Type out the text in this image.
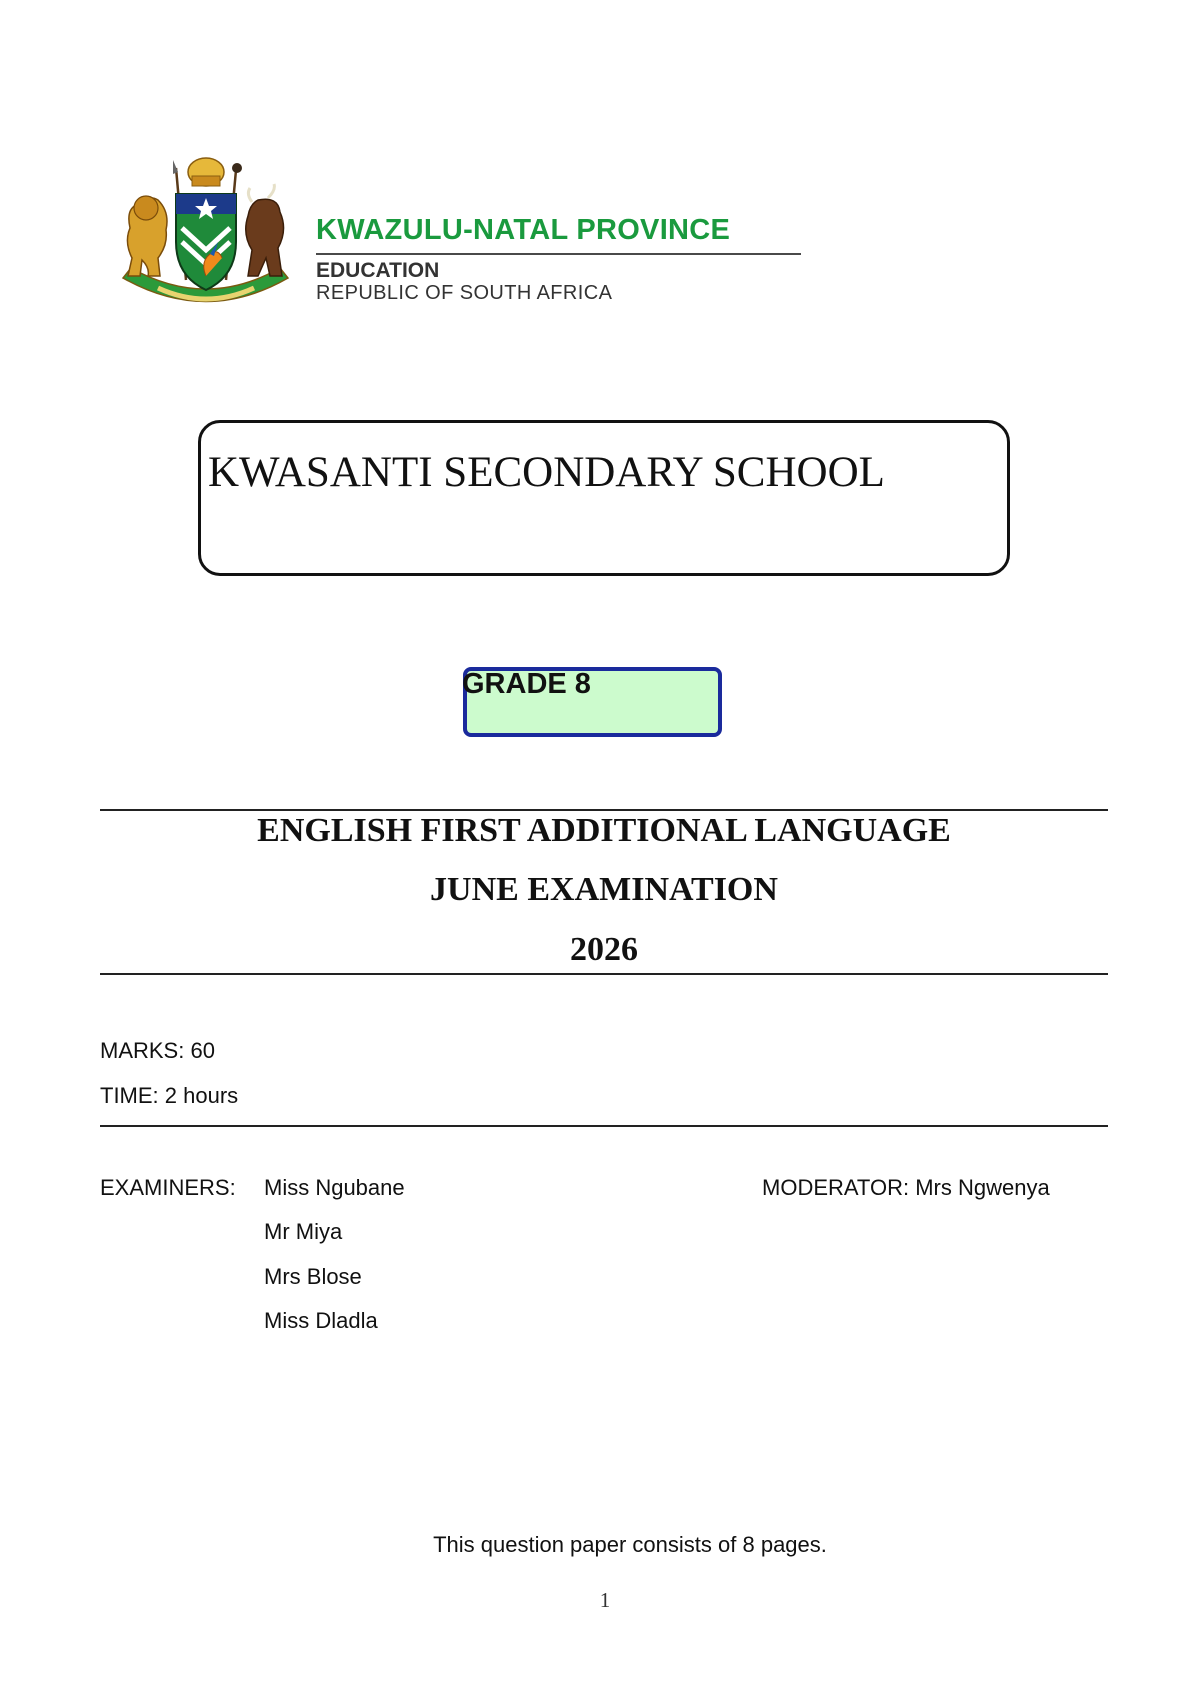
KWAZULU-NATAL PROVINCE
EDUCATION
REPUBLIC OF SOUTH AFRICA
KWASANTI SECONDARY SCHOOL
GRADE 8
ENGLISH FIRST ADDITIONAL LANGUAGE
JUNE EXAMINATION
2026
MARKS: 60
TIME: 2 hours
EXAMINERS: Miss Ngubane
Mr Miya
Mrs Blose
Miss Dladla
MODERATOR: Mrs Ngwenya
This question paper consists of 8 pages.
1
